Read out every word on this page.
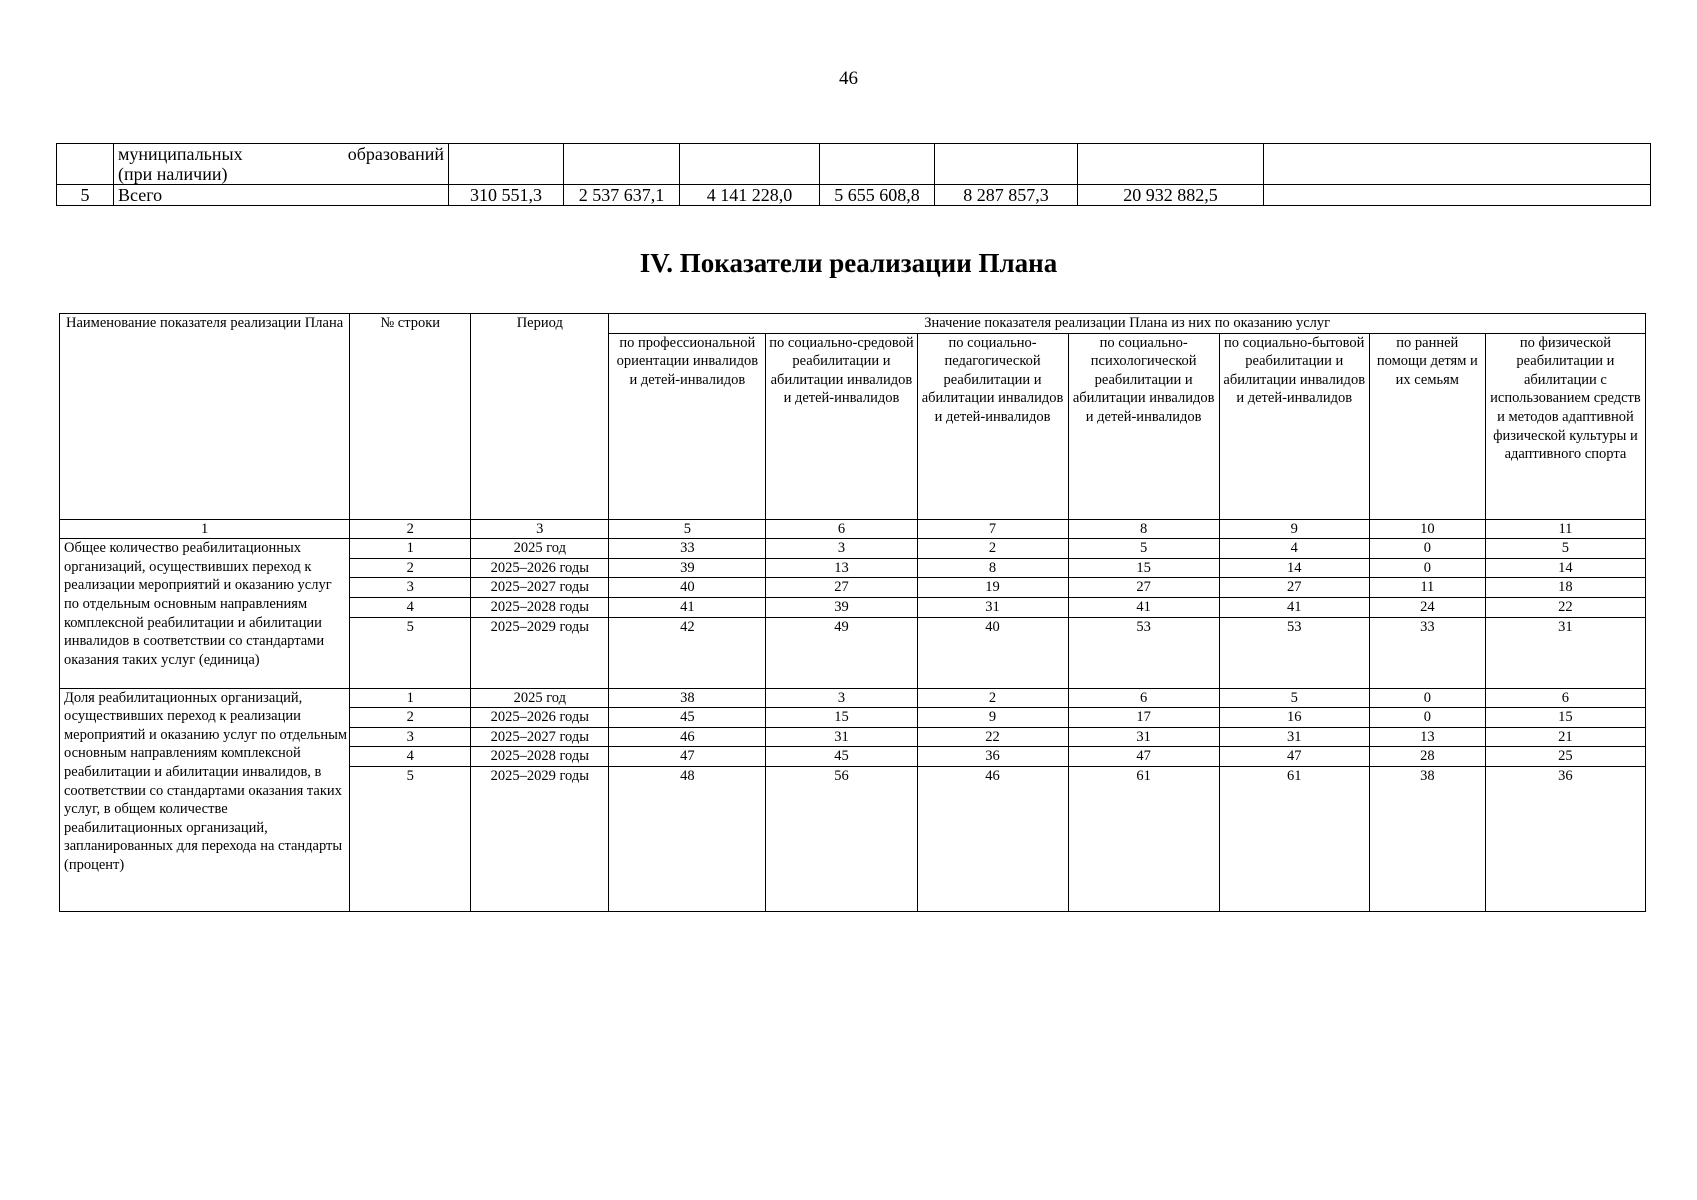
46

	муниципальных образований
(при наличии)							

5	Всего	310 551,3	2 537 637,1	4 141 228,0	5 655 608,8	8 287 857,3	20 932 882,5	
IV. Показатели реализации Плана
Наименование показателя реализации Плана	№ строки	Период	Значение показателя реализации Плана из них по оказанию услуг						
			по профессиональной ориентации инвалидов и детей-инвалидов	по социально-средовой реабилитации и абилитации инвалидов и детей-инвалидов	по социально-педагогической реабилитации и абилитации инвалидов и детей-инвалидов	по социально-психологической реабилитации и абилитации инвалидов и детей-инвалидов	по социально-бытовой реабилитации и абилитации инвалидов и детей-инвалидов	по ранней помощи детям и их семьям	по физической реабилитации и абилитации с использованием средств и методов адаптивной физической культуры и адаптивного спорта
1	2	3	5	6	7	8	9	10	11
Общее количество реабилитационных организаций, осуществивших переход к реализации мероприятий и оказанию услуг по отдельным основным направлениям комплексной реабилитации и абилитации инвалидов в соответствии со стандартами оказания таких услуг (единица)	1	2025 год	33	3	2	5	4	0	5
	2	2025–2026 годы	39	13	8	15	14	0	14
	3	2025–2027 годы	40	27	19	27	27	11	18
	4	2025–2028 годы	41	39	31	41	41	24	22
	5	2025–2029 годы	42	49	40	53	53	33	31
Доля реабилитационных организаций, осуществивших переход к реализации мероприятий и оказанию услуг по отдельным основным направлениям комплексной реабилитации и абилитации инвалидов, в соответствии со стандартами оказания таких услуг, в общем количестве реабилитационных организаций, запланированных для перехода на стандарты (процент)	1	2025 год	38	3	2	6	5	0	6
	2	2025–2026 годы	45	15	9	17	16	0	15
	3	2025–2027 годы	46	31	22	31	31	13	21
	4	2025–2028 годы	47	45	36	47	47	28	25
	5	2025–2029 годы	48	56	46	61	61	38	36
